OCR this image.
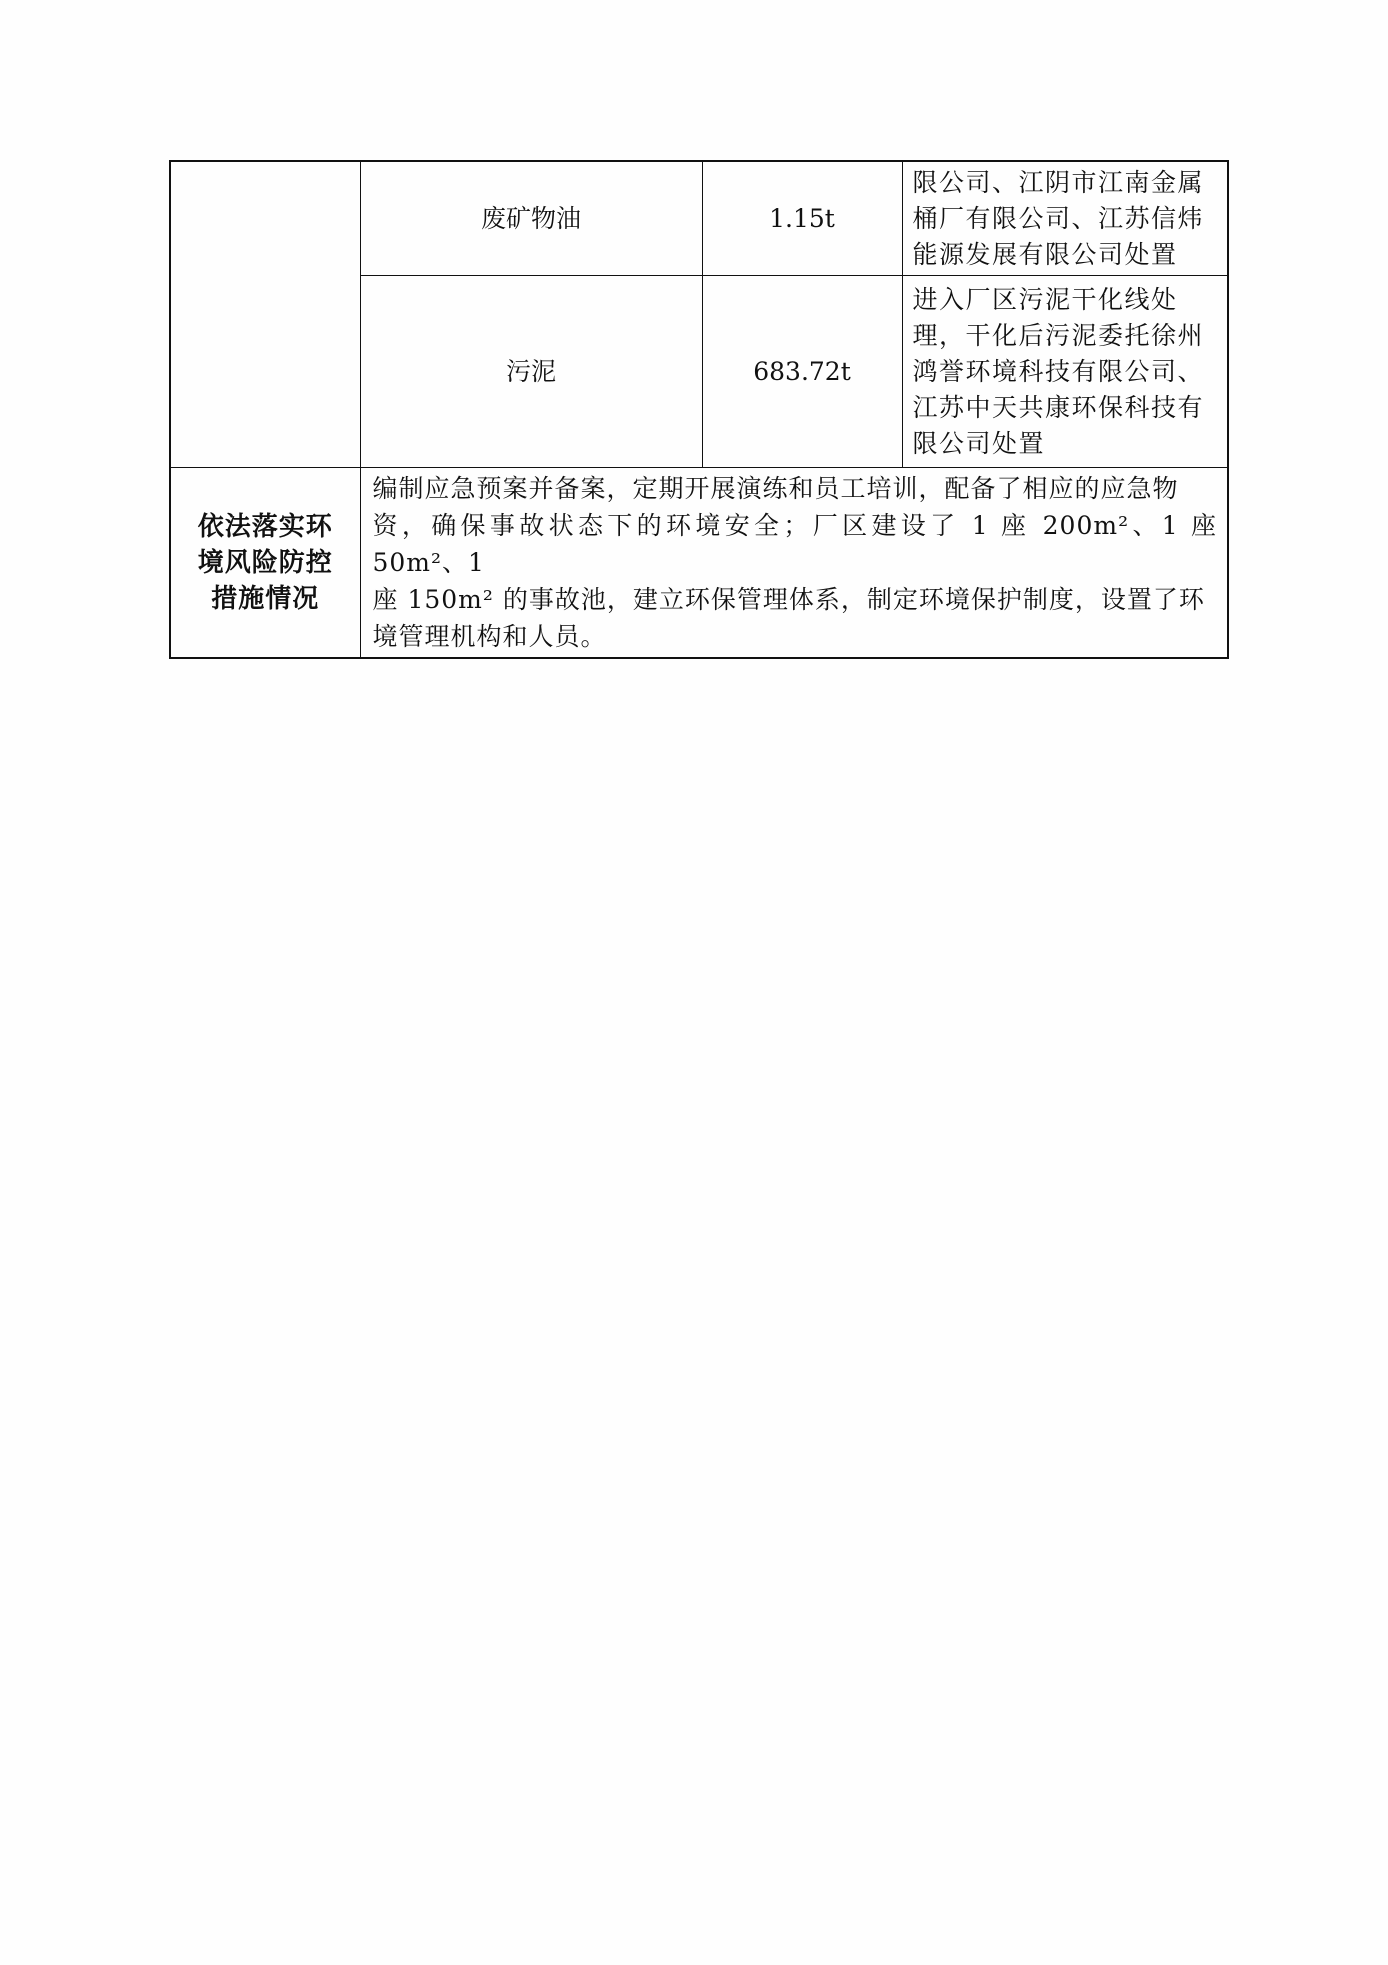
	废矿物油	1.15t	限公司、江阴市江南金属
桶厂有限公司、江苏信炜
能源发展有限公司处置

	污泥	683.72t	进入厂区污泥干化线处
理，干化后污泥委托徐州
鸿誉环境科技有限公司、
江苏中天共康环保科技有
限公司处置

依法落实环
境风险防控
措施情况	编制应急预案并备案，定期开展演练和员工培训，配备了相应的应急物
资，确保事故状态下的环境安全；厂区建设了 1 座 200m²、1 座 50m²、1
座 150m² 的事故池，建立环保管理体系，制定环境保护制度，设置了环
境管理机构和人员。		
